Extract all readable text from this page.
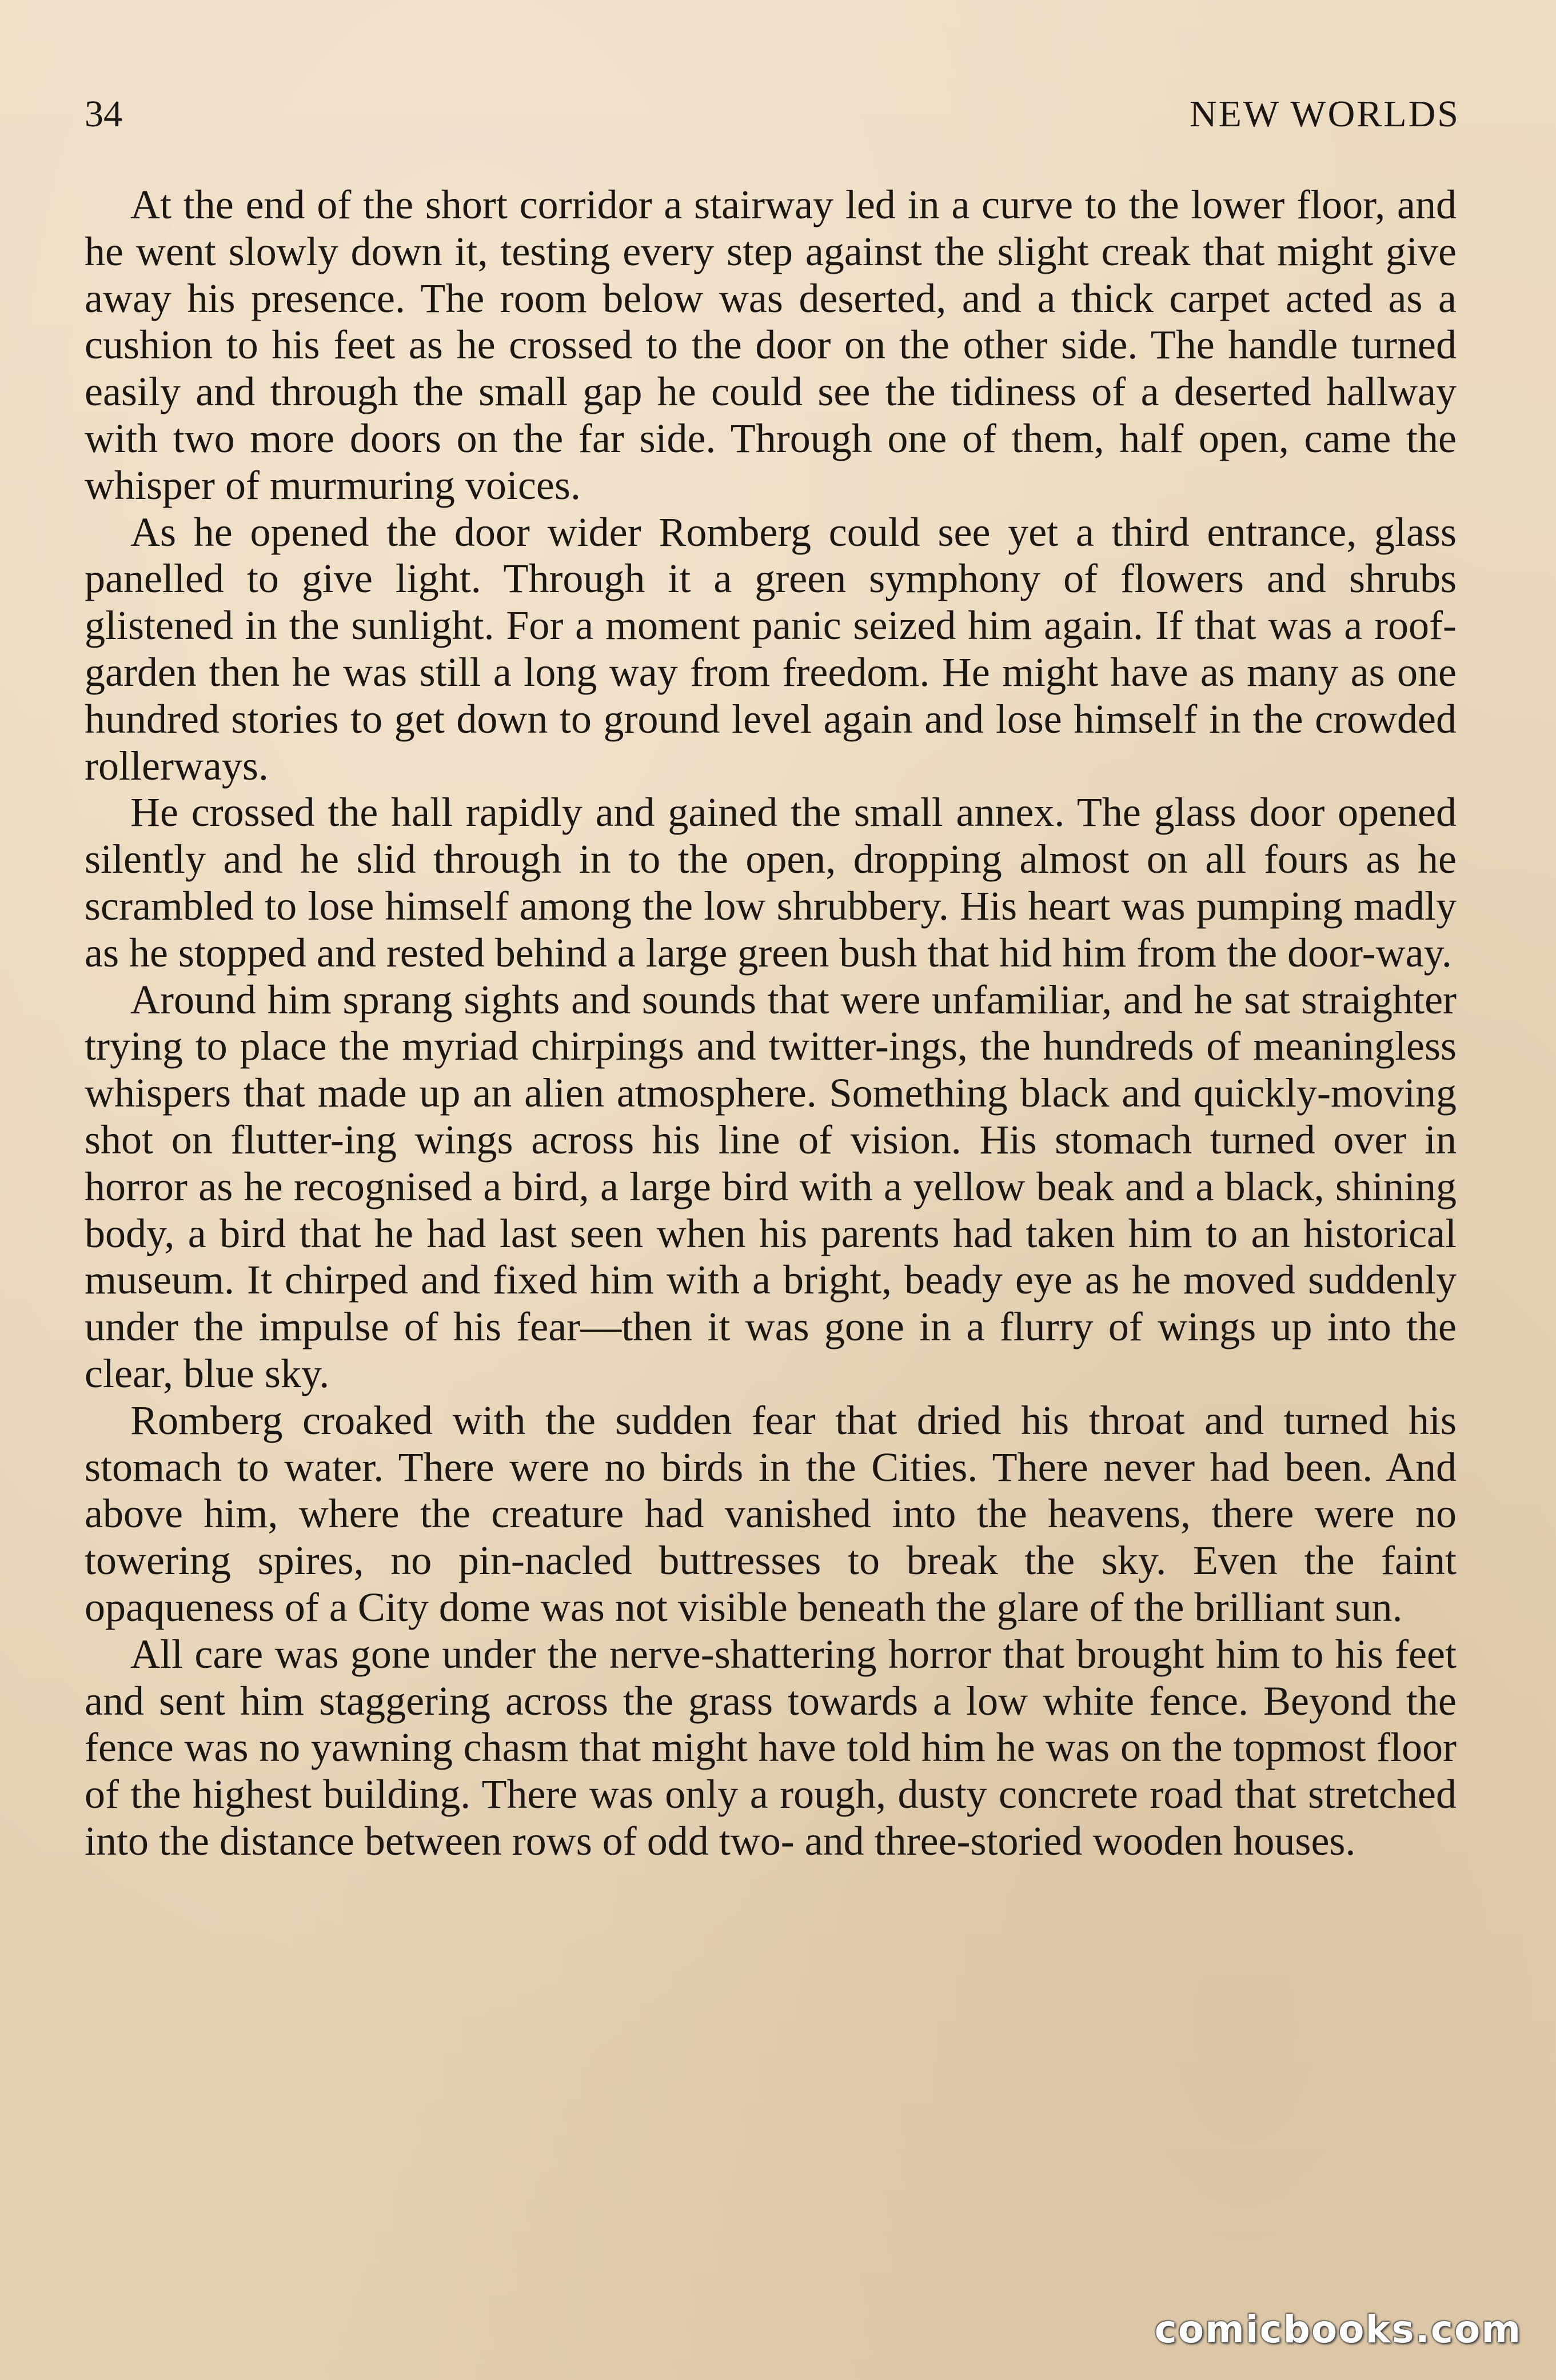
34	NEW WORLDS

At the end of the short corridor a stairway led in a curve to the lower floor, and he went slowly down it, testing every step against the slight creak that might give away his presence. The room below was deserted, and a thick carpet acted as a cushion to his feet as he crossed to the door on the other side. The handle turned easily and through the small gap he could see the tidiness of a deserted hallway with two more doors on the far side. Through one of them, half open, came the whisper of murmuring voices.

As he opened the door wider Romberg could see yet a third entrance, glass panelled to give light. Through it a green symphony of flowers and shrubs glistened in the sunlight. For a moment panic seized him again. If that was a roof-garden then he was still a long way from freedom. He might have as many as one hundred stories to get down to ground level again and lose himself in the crowded rollerways.

He crossed the hall rapidly and gained the small annex. The glass door opened silently and he slid through in to the open, dropping almost on all fours as he scrambled to lose himself among the low shrubbery. His heart was pumping madly as he stopped and rested behind a large green bush that hid him from the door-way.

Around him sprang sights and sounds that were unfamiliar, and he sat straighter trying to place the myriad chirpings and twitter-ings, the hundreds of meaningless whispers that made up an alien atmosphere. Something black and quickly-moving shot on flutter-ing wings across his line of vision. His stomach turned over in horror as he recognised a bird, a large bird with a yellow beak and a black, shining body, a bird that he had last seen when his parents had taken him to an historical museum. It chirped and fixed him with a bright, beady eye as he moved suddenly under the impulse of his fear—then it was gone in a flurry of wings up into the clear, blue sky.

Romberg croaked with the sudden fear that dried his throat and turned his stomach to water. There were no birds in the Cities. There never had been. And above him, where the creature had vanished into the heavens, there were no towering spires, no pin-nacled buttresses to break the sky. Even the faint opaqueness of a City dome was not visible beneath the glare of the brilliant sun.

All care was gone under the nerve-shattering horror that brought him to his feet and sent him staggering across the grass towards a low white fence. Beyond the fence was no yawning chasm that might have told him he was on the topmost floor of the highest building. There was only a rough, dusty concrete road that stretched into the distance between rows of odd two- and three-storied wooden houses.

comicbooks.com
